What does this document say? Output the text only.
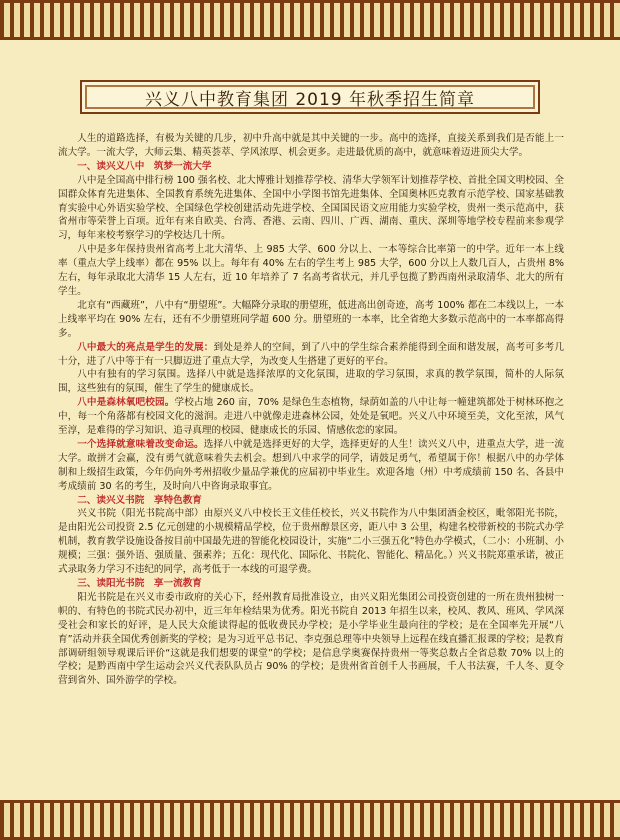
兴义八中教育集团 2019 年秋季招生简章

人生的道路选择，有极为关键的几步，初中升高中就是其中关键的一步。高中的选择，直接关系到我们是否能上一流大学。一流大学，大师云集、精英荟萃、学风浓厚、机会更多。走进最优质的高中，就意味着迈进顶尖大学。

一、读兴义八中　筑梦一流大学

八中是全国高中排行榜 100 强名校、北大博雅计划推荐学校、清华大学领军计划推荐学校、首批全国文明校园、全国群众体育先进集体、全国教育系统先进集体、全国中小学图书馆先进集体、全国奥林匹克教育示范学校、国家基础教育实验中心外语实验学校、全国绿色学校创建活动先进学校、全国国民语文应用能力实验学校，贵州一类示范高中，获省州市等荣誉上百项。近年有来自欧美、台湾、香港、云南、四川、广西、湖南、重庆、深圳等地学校专程前来参观学习，每年来校考察学习的学校达几十所。

八中是多年保持贵州省高考上北大清华、上 985 大学、600 分以上、一本等综合比率第一的中学。近年一本上线率（重点大学上线率）都在 95% 以上。每年有 40% 左右的学生考上 985 大学，600 分以上人数几百人，占贵州 8% 左右，每年录取北大清华 15 人左右，近 10 年培养了 7 名高考省状元，并几乎包揽了黔西南州录取清华、北大的所有学生。

北京有“西藏班”，八中有“册望班”。大幅降分录取的册望班，低进高出创奇迹，高考 100% 都在二本线以上，一本上线率平均在 90% 左右，还有不少册望班同学超 600 分。册望班的一本率，比全省绝大多数示范高中的一本率都高得多。

八中最大的亮点是学生的发展：到处是养人的空间，到了八中的学生综合素养能得到全面和谐发展，高考可多考几十分，进了八中等于有一只脚迈进了重点大学，为改变人生搭建了更好的平台。

八中有独有的学习氛围。选择八中就是选择浓厚的文化氛围，进取的学习氛围，求真的教学氛围，简朴的人际氛围，这些独有的氛围，催生了学生的健康成长。

八中是森林氧吧校园。学校占地 260 亩，70% 是绿色生态植物，绿荫如盖的八中让每一幢建筑都处于树林环抱之中，每一个角落都有校园文化的滋润。走进八中就像走进森林公园，处处是氧吧。兴义八中环境至美，文化至浓，风气至淳，是难得的学习知识、追寻真理的校园、健康成长的乐园、情感依恋的家园。

一个选择就意味着改变命运。选择八中就是选择更好的大学，选择更好的人生！读兴义八中，进重点大学，进一流大学。敢拼才会赢，没有勇气就意味着失去机会。想到八中求学的同学，请鼓足勇气，希望属于你！根据八中的办学体制和上级招生政策，今年仍向外考州招收少量品学兼优的应届初中毕业生。欢迎各地（州）中考成绩前 150 名、各县中考成绩前 30 名的考生，及时向八中咨询录取事宜。

二、读兴义书院　享特色教育

兴义书院（阳光书院高中部）由原兴义八中校长王文佳任校长，兴义书院作为八中集团酒金校区，毗邻阳光书院，是由阳光公司投资 2.5 亿元创建的小规模精品学校，位于贵州醇景区旁，距八中 3 公里，构建名校带新校的书院式办学机制，教育教学设施设备按目前中国最先进的智能化校园设计，实施“二小三强五化”特色办学模式，（二小：小班制、小规模；三强：强外语、强质量、强素养；五化：现代化、国际化、书院化、智能化、精品化。）兴义书院郑重承诺，被正式录取务力学习不违纪的同学，高考低于一本线的可退学费。

三、读阳光书院　享一流教育

阳光书院是在兴义市委市政府的关心下，经州教育局批准设立，由兴义阳光集团公司投资创建的一所在贵州独树一帜的、有特色的书院式民办初中，近三年年检结果为优秀。阳光书院自 2013 年招生以来，校风、教风、班风、学风深受社会和家长的好评，是人民大众能读得起的低收费民办学校；是小学毕业生最向往的学校；是在全国率先开展“八育”活动并获全国优秀创新奖的学校；是为习近平总书记、李克强总理等中央领导上远程在线直播汇报课的学校；是教育部调研组领导观课后评价“这就是我们想要的课堂”的学校；是信息学奥赛保持贵州一等奖总数占全省总数 70% 以上的学校；是黔西南中学生运动会兴义代表队队员占 90% 的学校；是贵州省首创千人书画展，千人书法赛，千人冬、夏令营到省外、国外游学的学校。
